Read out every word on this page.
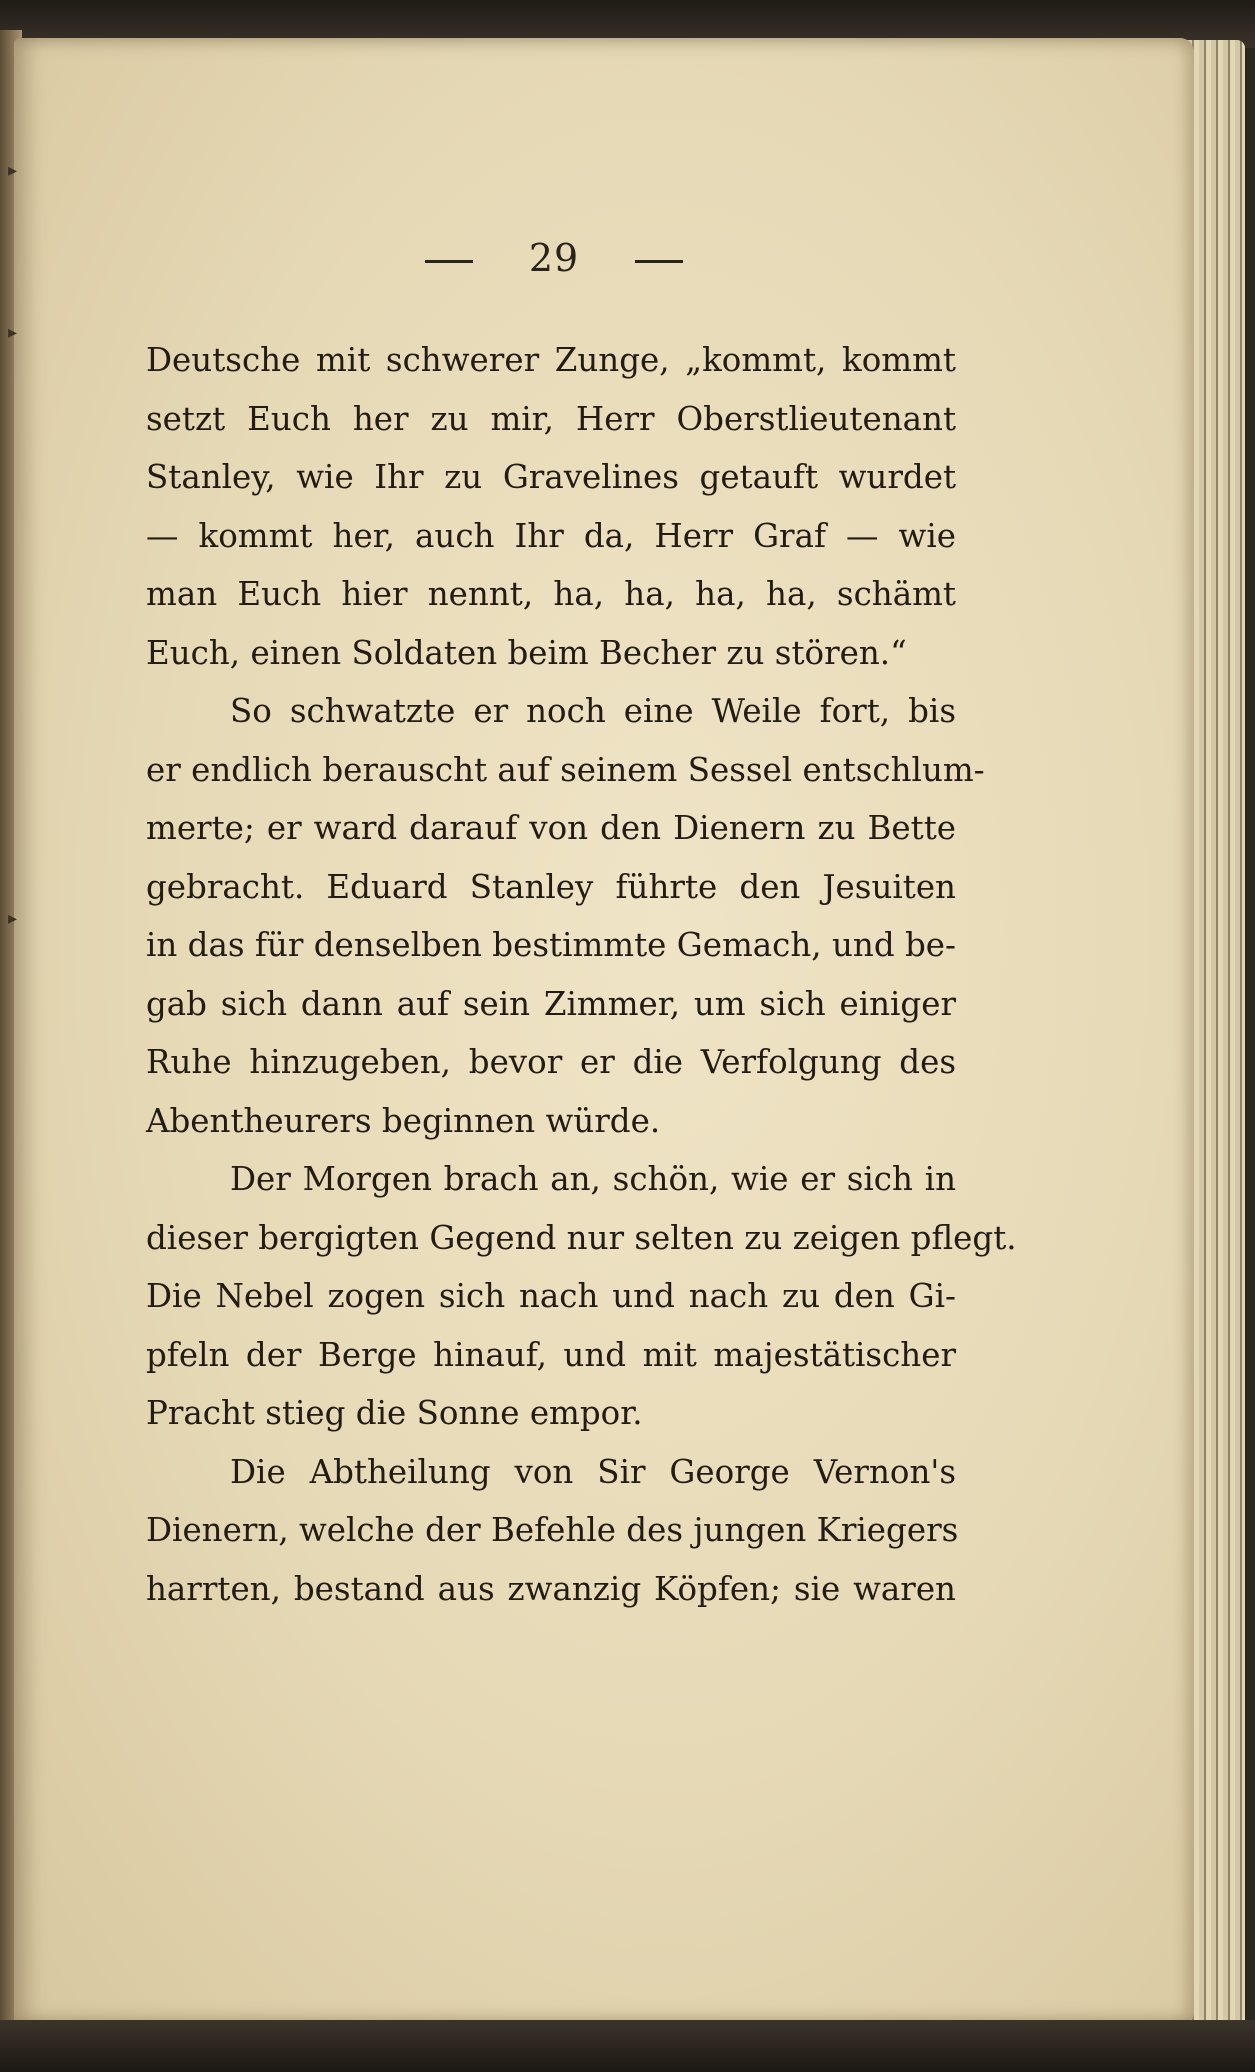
29
Deutsche mit schwerer Zunge, „kommt, kommt
setzt Euch her zu mir, Herr Oberstlieutenant
Stanley, wie Ihr zu Gravelines getauft wurdet
— kommt her, auch Ihr da, Herr Graf — wie
man Euch hier nennt, ha, ha, ha, ha, schämt
Euch, einen Soldaten beim Becher zu stören.“
So schwatzte er noch eine Weile fort, bis
er endlich berauscht auf seinem Sessel entschlum-
merte; er ward darauf von den Dienern zu Bette
gebracht. Eduard Stanley führte den Jesuiten
in das für denselben bestimmte Gemach, und be-
gab sich dann auf sein Zimmer, um sich einiger
Ruhe hinzugeben, bevor er die Verfolgung des
Abentheurers beginnen würde.
Der Morgen brach an, schön, wie er sich in
dieser bergigten Gegend nur selten zu zeigen pflegt.
Die Nebel zogen sich nach und nach zu den Gi-
pfeln der Berge hinauf, und mit majestätischer
Pracht stieg die Sonne empor.
Die Abtheilung von Sir George Vernon's
Dienern, welche der Befehle des jungen Kriegers
harrten, bestand aus zwanzig Köpfen; sie waren
▸
▸
▸
